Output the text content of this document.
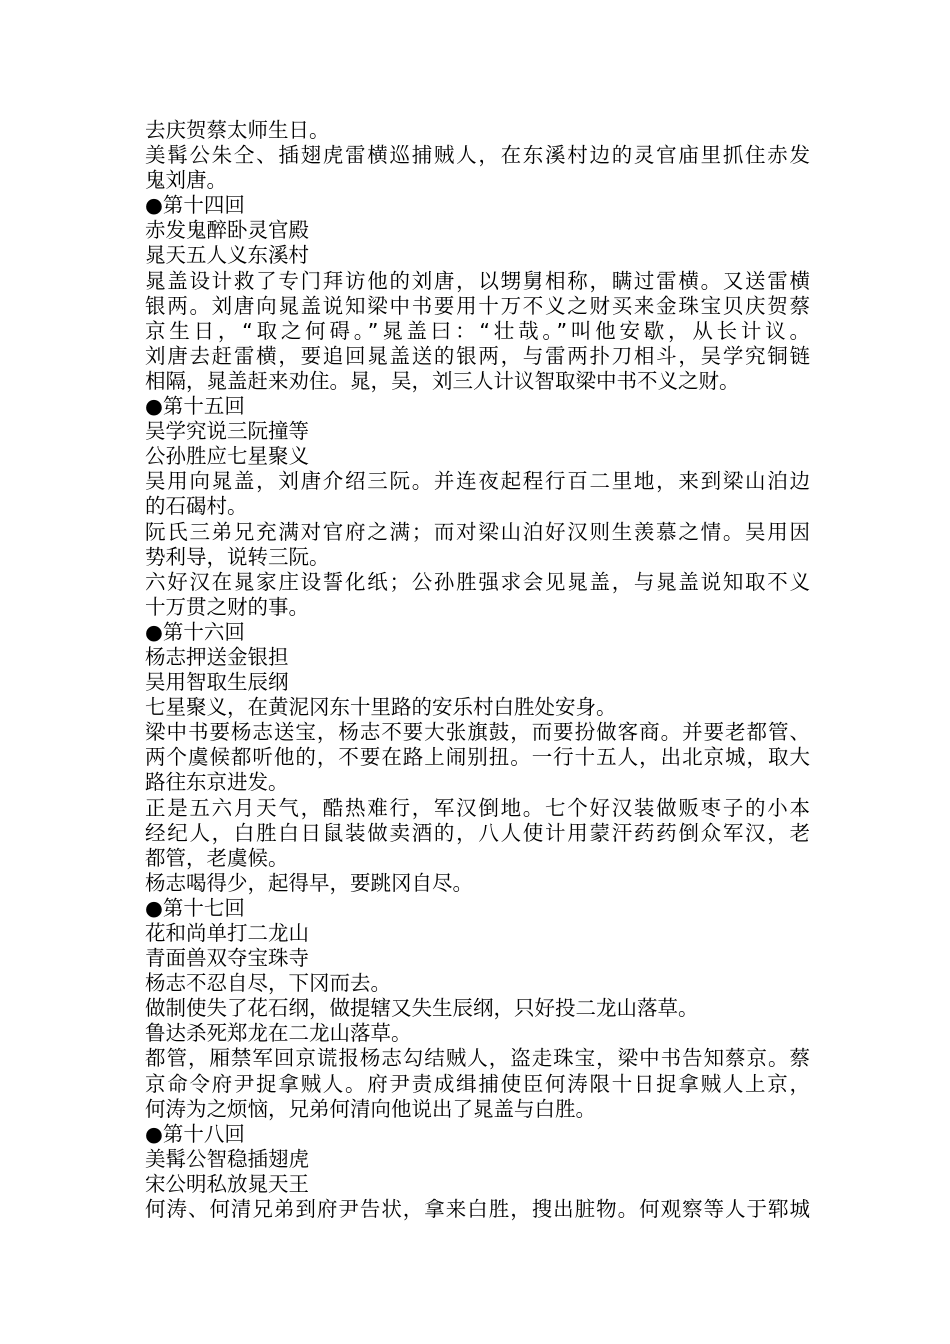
去庆贺蔡太师生日。
美髯公朱仝、插翅虎雷横巡捕贼人，在东溪村边的灵官庙里抓住赤发
鬼刘唐。
●第十四回
赤发鬼醉卧灵官殿
晁天五人义东溪村
晁盖设计救了专门拜访他的刘唐，以甥舅相称，瞒过雷横。又送雷横
银两。刘唐向晁盖说知梁中书要用十万不义之财买来金珠宝贝庆贺蔡
京生日，“取之何碍。”晁盖曰：“壮哉。”叫他安歇，从长计议。
刘唐去赶雷横，要追回晁盖送的银两，与雷两扑刀相斗，吴学究铜链
相隔，晁盖赶来劝住。晁，吴，刘三人计议智取梁中书不义之财。
●第十五回
吴学究说三阮撞等
公孙胜应七星聚义
吴用向晁盖，刘唐介绍三阮。并连夜起程行百二里地，来到梁山泊边
的石碣村。
阮氏三弟兄充满对官府之满；而对梁山泊好汉则生羡慕之情。吴用因
势利导，说转三阮。
六好汉在晁家庄设誓化纸；公孙胜强求会见晁盖，与晁盖说知取不义
十万贯之财的事。
●第十六回
杨志押送金银担
吴用智取生辰纲
七星聚义，在黄泥冈东十里路的安乐村白胜处安身。
梁中书要杨志送宝，杨志不要大张旗鼓，而要扮做客商。并要老都管、
两个虞候都听他的，不要在路上闹别扭。一行十五人，出北京城，取大
路往东京进发。
正是五六月天气，酷热难行，军汉倒地。七个好汉装做贩枣子的小本
经纪人，白胜白日鼠装做卖酒的，八人使计用蒙汗药药倒众军汉，老
都管，老虞候。
杨志喝得少，起得早，要跳冈自尽。
●第十七回
花和尚单打二龙山
青面兽双夺宝珠寺
杨志不忍自尽，下冈而去。
做制使失了花石纲，做提辖又失生辰纲，只好投二龙山落草。
鲁达杀死郑龙在二龙山落草。
都管，厢禁军回京谎报杨志勾结贼人，盗走珠宝，梁中书告知蔡京。蔡
京命令府尹捉拿贼人。府尹责成缉捕使臣何涛限十日捉拿贼人上京，
何涛为之烦恼，兄弟何清向他说出了晁盖与白胜。
●第十八回
美髯公智稳插翅虎
宋公明私放晁天王
何涛、何清兄弟到府尹告状，拿来白胜，搜出脏物。何观察等人于郓城
